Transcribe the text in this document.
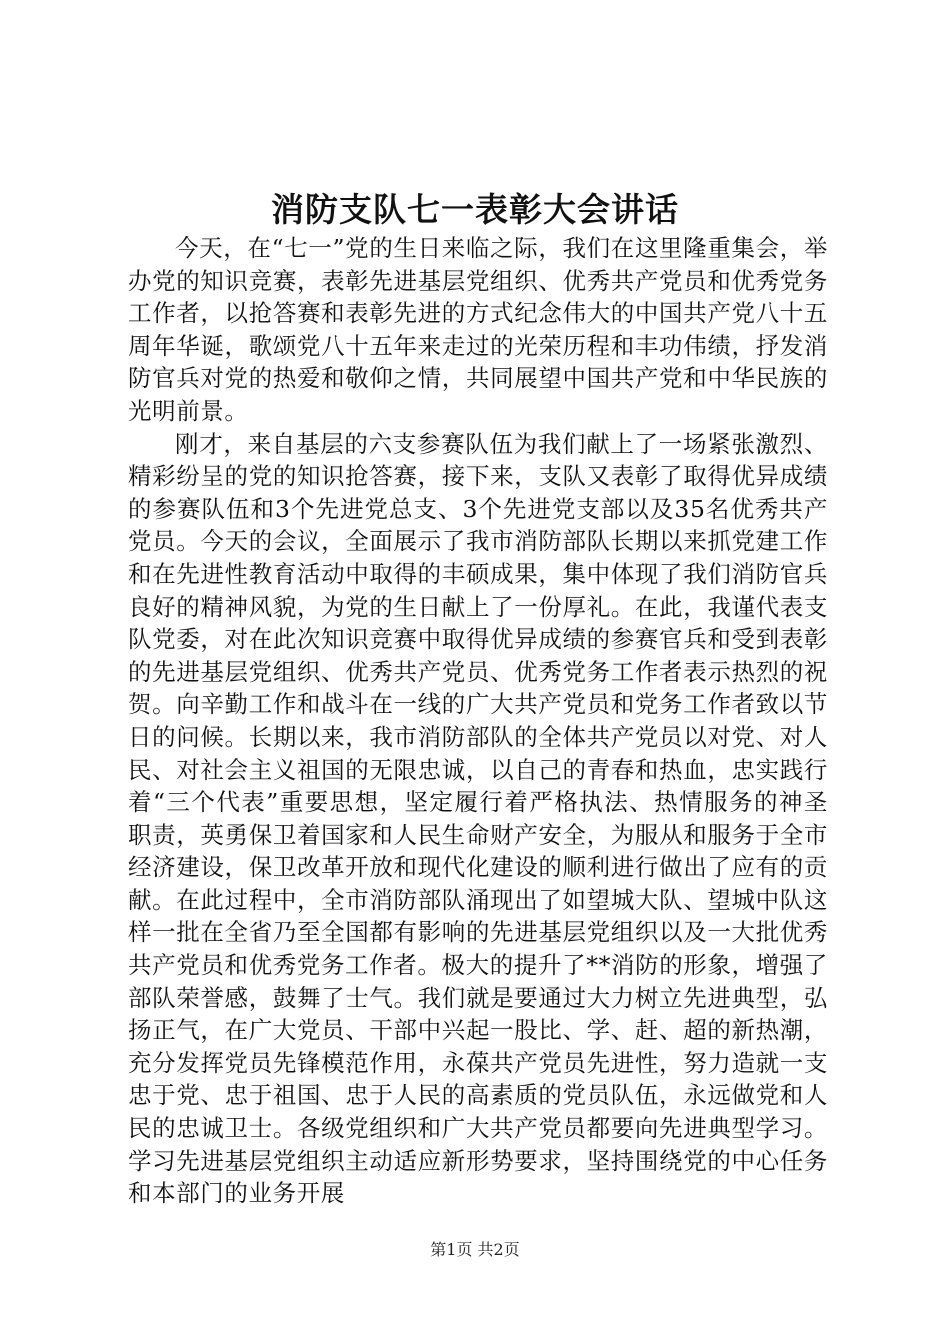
消防支队七一表彰大会讲话

今天，在“七一”党的生日来临之际，我们在这里隆重集会，举办党的知识竞赛，表彰先进基层党组织、优秀共产党员和优秀党务工作者，以抢答赛和表彰先进的方式纪念伟大的中国共产党八十五周年华诞，歌颂党八十五年来走过的光荣历程和丰功伟绩，抒发消防官兵对党的热爱和敬仰之情，共同展望中国共产党和中华民族的光明前景。

刚才，来自基层的六支参赛队伍为我们献上了一场紧张激烈、精彩纷呈的党的知识抢答赛，接下来，支队又表彰了取得优异成绩的参赛队伍和3个先进党总支、3个先进党支部以及35名优秀共产党员。今天的会议，全面展示了我市消防部队长期以来抓党建工作和在先进性教育活动中取得的丰硕成果，集中体现了我们消防官兵良好的精神风貌，为党的生日献上了一份厚礼。在此，我谨代表支队党委，对在此次知识竞赛中取得优异成绩的参赛官兵和受到表彰的先进基层党组织、优秀共产党员、优秀党务工作者表示热烈的祝贺。向辛勤工作和战斗在一线的广大共产党员和党务工作者致以节日的问候。长期以来，我市消防部队的全体共产党员以对党、对人民、对社会主义祖国的无限忠诚，以自己的青春和热血，忠实践行着“三个代表”重要思想，坚定履行着严格执法、热情服务的神圣职责，英勇保卫着国家和人民生命财产安全，为服从和服务于全市经济建设，保卫改革开放和现代化建设的顺利进行做出了应有的贡献。在此过程中，全市消防部队涌现出了如望城大队、望城中队这样一批在全省乃至全国都有影响的先进基层党组织以及一大批优秀共产党员和优秀党务工作者。极大的提升了**消防的形象，增强了部队荣誉感，鼓舞了士气。我们就是要通过大力树立先进典型，弘扬正气，在广大党员、干部中兴起一股比、学、赶、超的新热潮，充分发挥党员先锋模范作用，永葆共产党员先进性，努力造就一支忠于党、忠于祖国、忠于人民的高素质的党员队伍，永远做党和人民的忠诚卫士。各级党组织和广大共产党员都要向先进典型学习。学习先进基层党组织主动适应新形势要求，坚持围绕党的中心任务和本部门的业务开展

第1页 共2页
